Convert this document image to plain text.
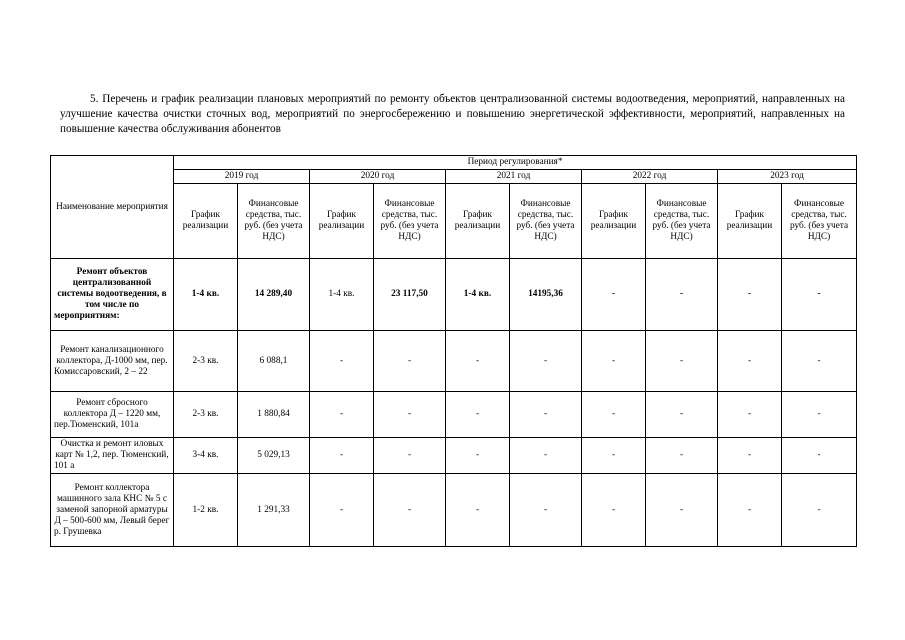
5. Перечень и график реализации плановых мероприятий по ремонту объектов централизованной системы водоотведения, мероприятий, направленных на улучшение качества очистки сточных вод, мероприятий по энергосбережению и повышению энергетической эффективности, мероприятий, направленных на повышение качества обслуживания абонентов

Наименование мероприятия	Период регулирования*									
	2019 год		2020 год		2021 год		2022 год		2023 год	
	График реализации	Финансовые средства, тыс. руб. (без учета НДС)	График реализации	Финансовые средства, тыс. руб. (без учета НДС)	График реализации	Финансовые средства, тыс. руб. (без учета НДС)	График реализации	Финансовые средства, тыс. руб. (без учета НДС)	График реализации	Финансовые средства, тыс. руб. (без учета НДС)
Ремонт объектов централизованной системы водоотведения, в том числе по мероприятиям:	1-4 кв.	14 289,40	1-4 кв.	23 117,50	1-4 кв.	14195,36	-	-	-	-
Ремонт канализационного коллектора, Д-1000 мм, пер. Комиссаровский, 2 – 22	2-3 кв.	6 088,1	-	-	-	-	-	-	-	-
Ремонт сбросного коллектора Д – 1220 мм, пер.Тюменский, 101а	2-3 кв.	1 880,84	-	-	-	-	-	-	-	-
Очистка и ремонт иловых карт № 1,2, пер. Тюменский, 101 а	3-4 кв.	5 029,13	-	-	-	-	-	-	-	-
Ремонт коллектора машинного зала КНС № 5 с заменой запорной арматуры Д – 500-600 мм, Левый берег р. Грушевка	1-2 кв.	1 291,33	-	-	-	-	-	-	-	-
